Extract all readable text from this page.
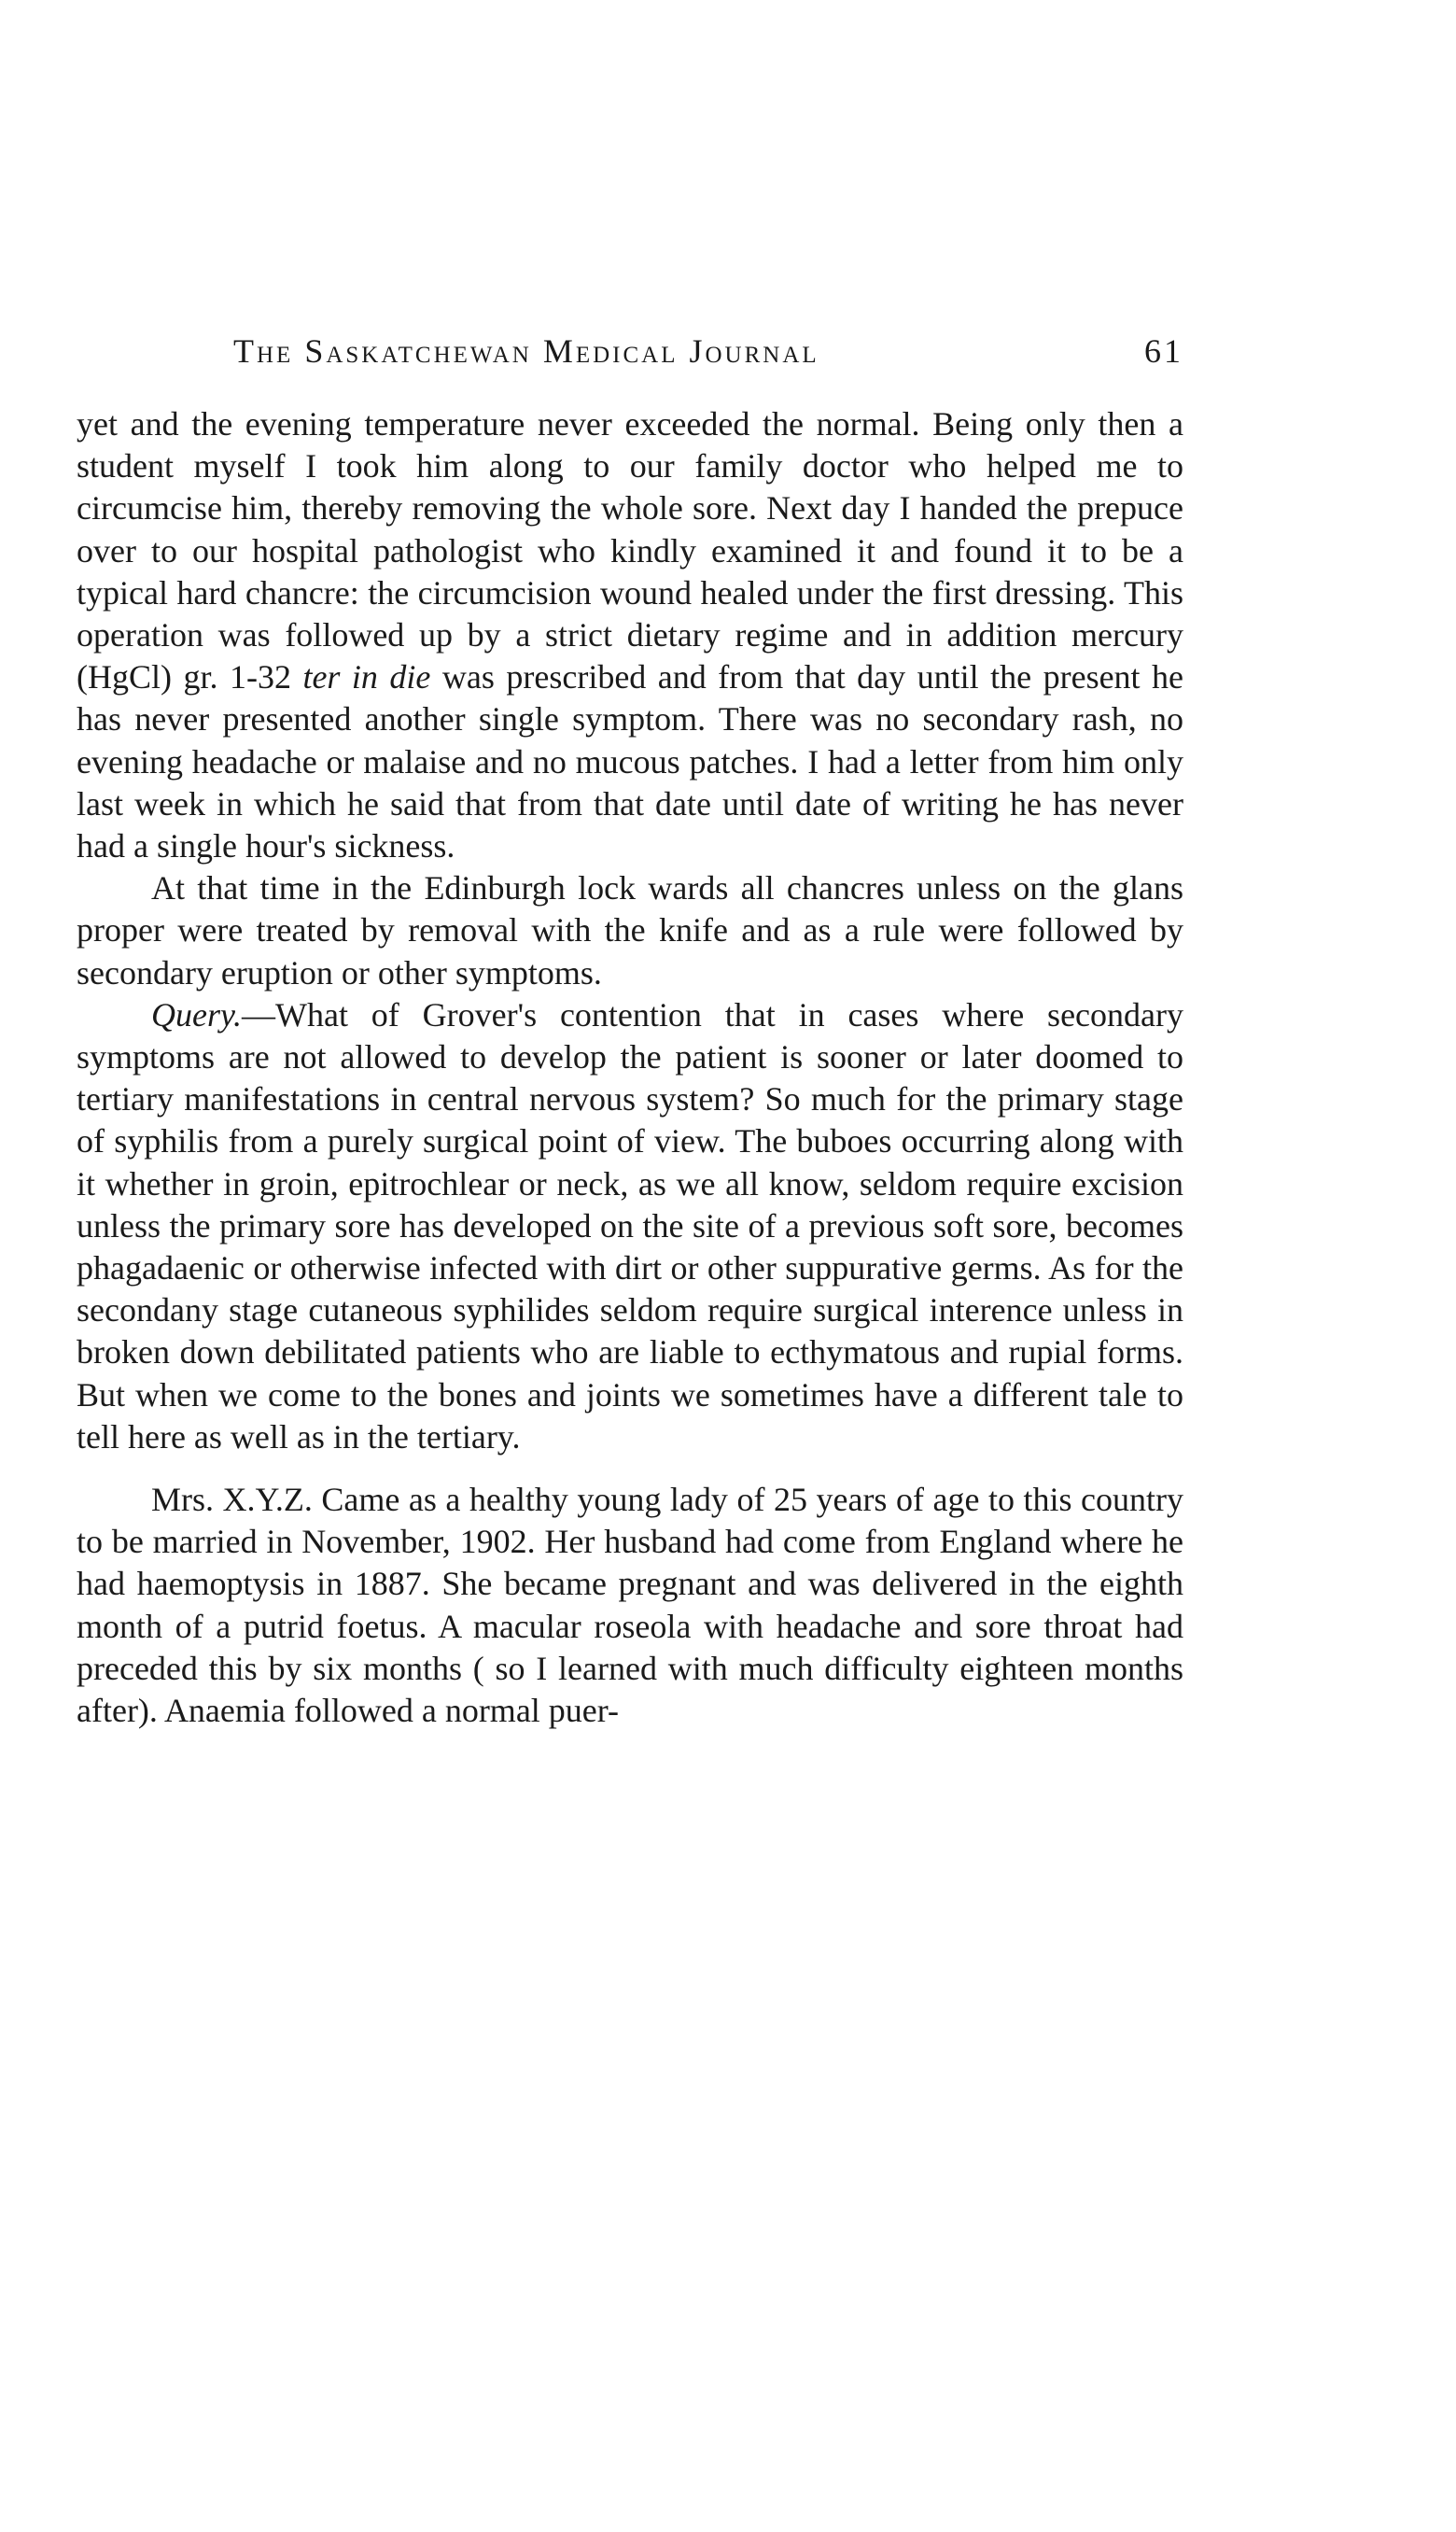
The Saskatchewan Medical Journal	61

yet and the evening temperature never exceeded the normal. Being only then a student myself I took him along to our family doctor who helped me to circumcise him, thereby removing the whole sore. Next day I handed the prepuce over to our hospital pathologist who kindly examined it and found it to be a typical hard chancre: the circumcision wound healed under the first dressing. This operation was followed up by a strict dietary regime and in addition mercury (HgCl) gr. 1-32 ter in die was prescribed and from that day until the present he has never presented another single symptom. There was no secondary rash, no evening headache or malaise and no mucous patches. I had a letter from him only last week in which he said that from that date until date of writing he has never had a single hour's sickness.

At that time in the Edinburgh lock wards all chancres unless on the glans proper were treated by removal with the knife and as a rule were followed by secondary eruption or other symptoms.

Query.—What of Grover's contention that in cases where secondary symptoms are not allowed to develop the patient is sooner or later doomed to tertiary manifestations in central nervous system? So much for the primary stage of syphilis from a purely surgical point of view. The buboes occurring along with it whether in groin, epitrochlear or neck, as we all know, seldom require excision unless the primary sore has developed on the site of a previous soft sore, becomes phagadaenic or otherwise infected with dirt or other suppurative germs. As for the secondany stage cutaneous syphilides seldom require surgical interence unless in broken down debilitated patients who are liable to ecthymatous and rupial forms. But when we come to the bones and joints we sometimes have a different tale to tell here as well as in the tertiary.

Mrs. X.Y.Z. Came as a healthy young lady of 25 years of age to this country to be married in November, 1902. Her husband had come from England where he had haemoptysis in 1887. She became pregnant and was delivered in the eighth month of a putrid foetus. A macular roseola with headache and sore throat had preceded this by six months ( so I learned with much difficulty eighteen months after). Anaemia followed a normal puer-
